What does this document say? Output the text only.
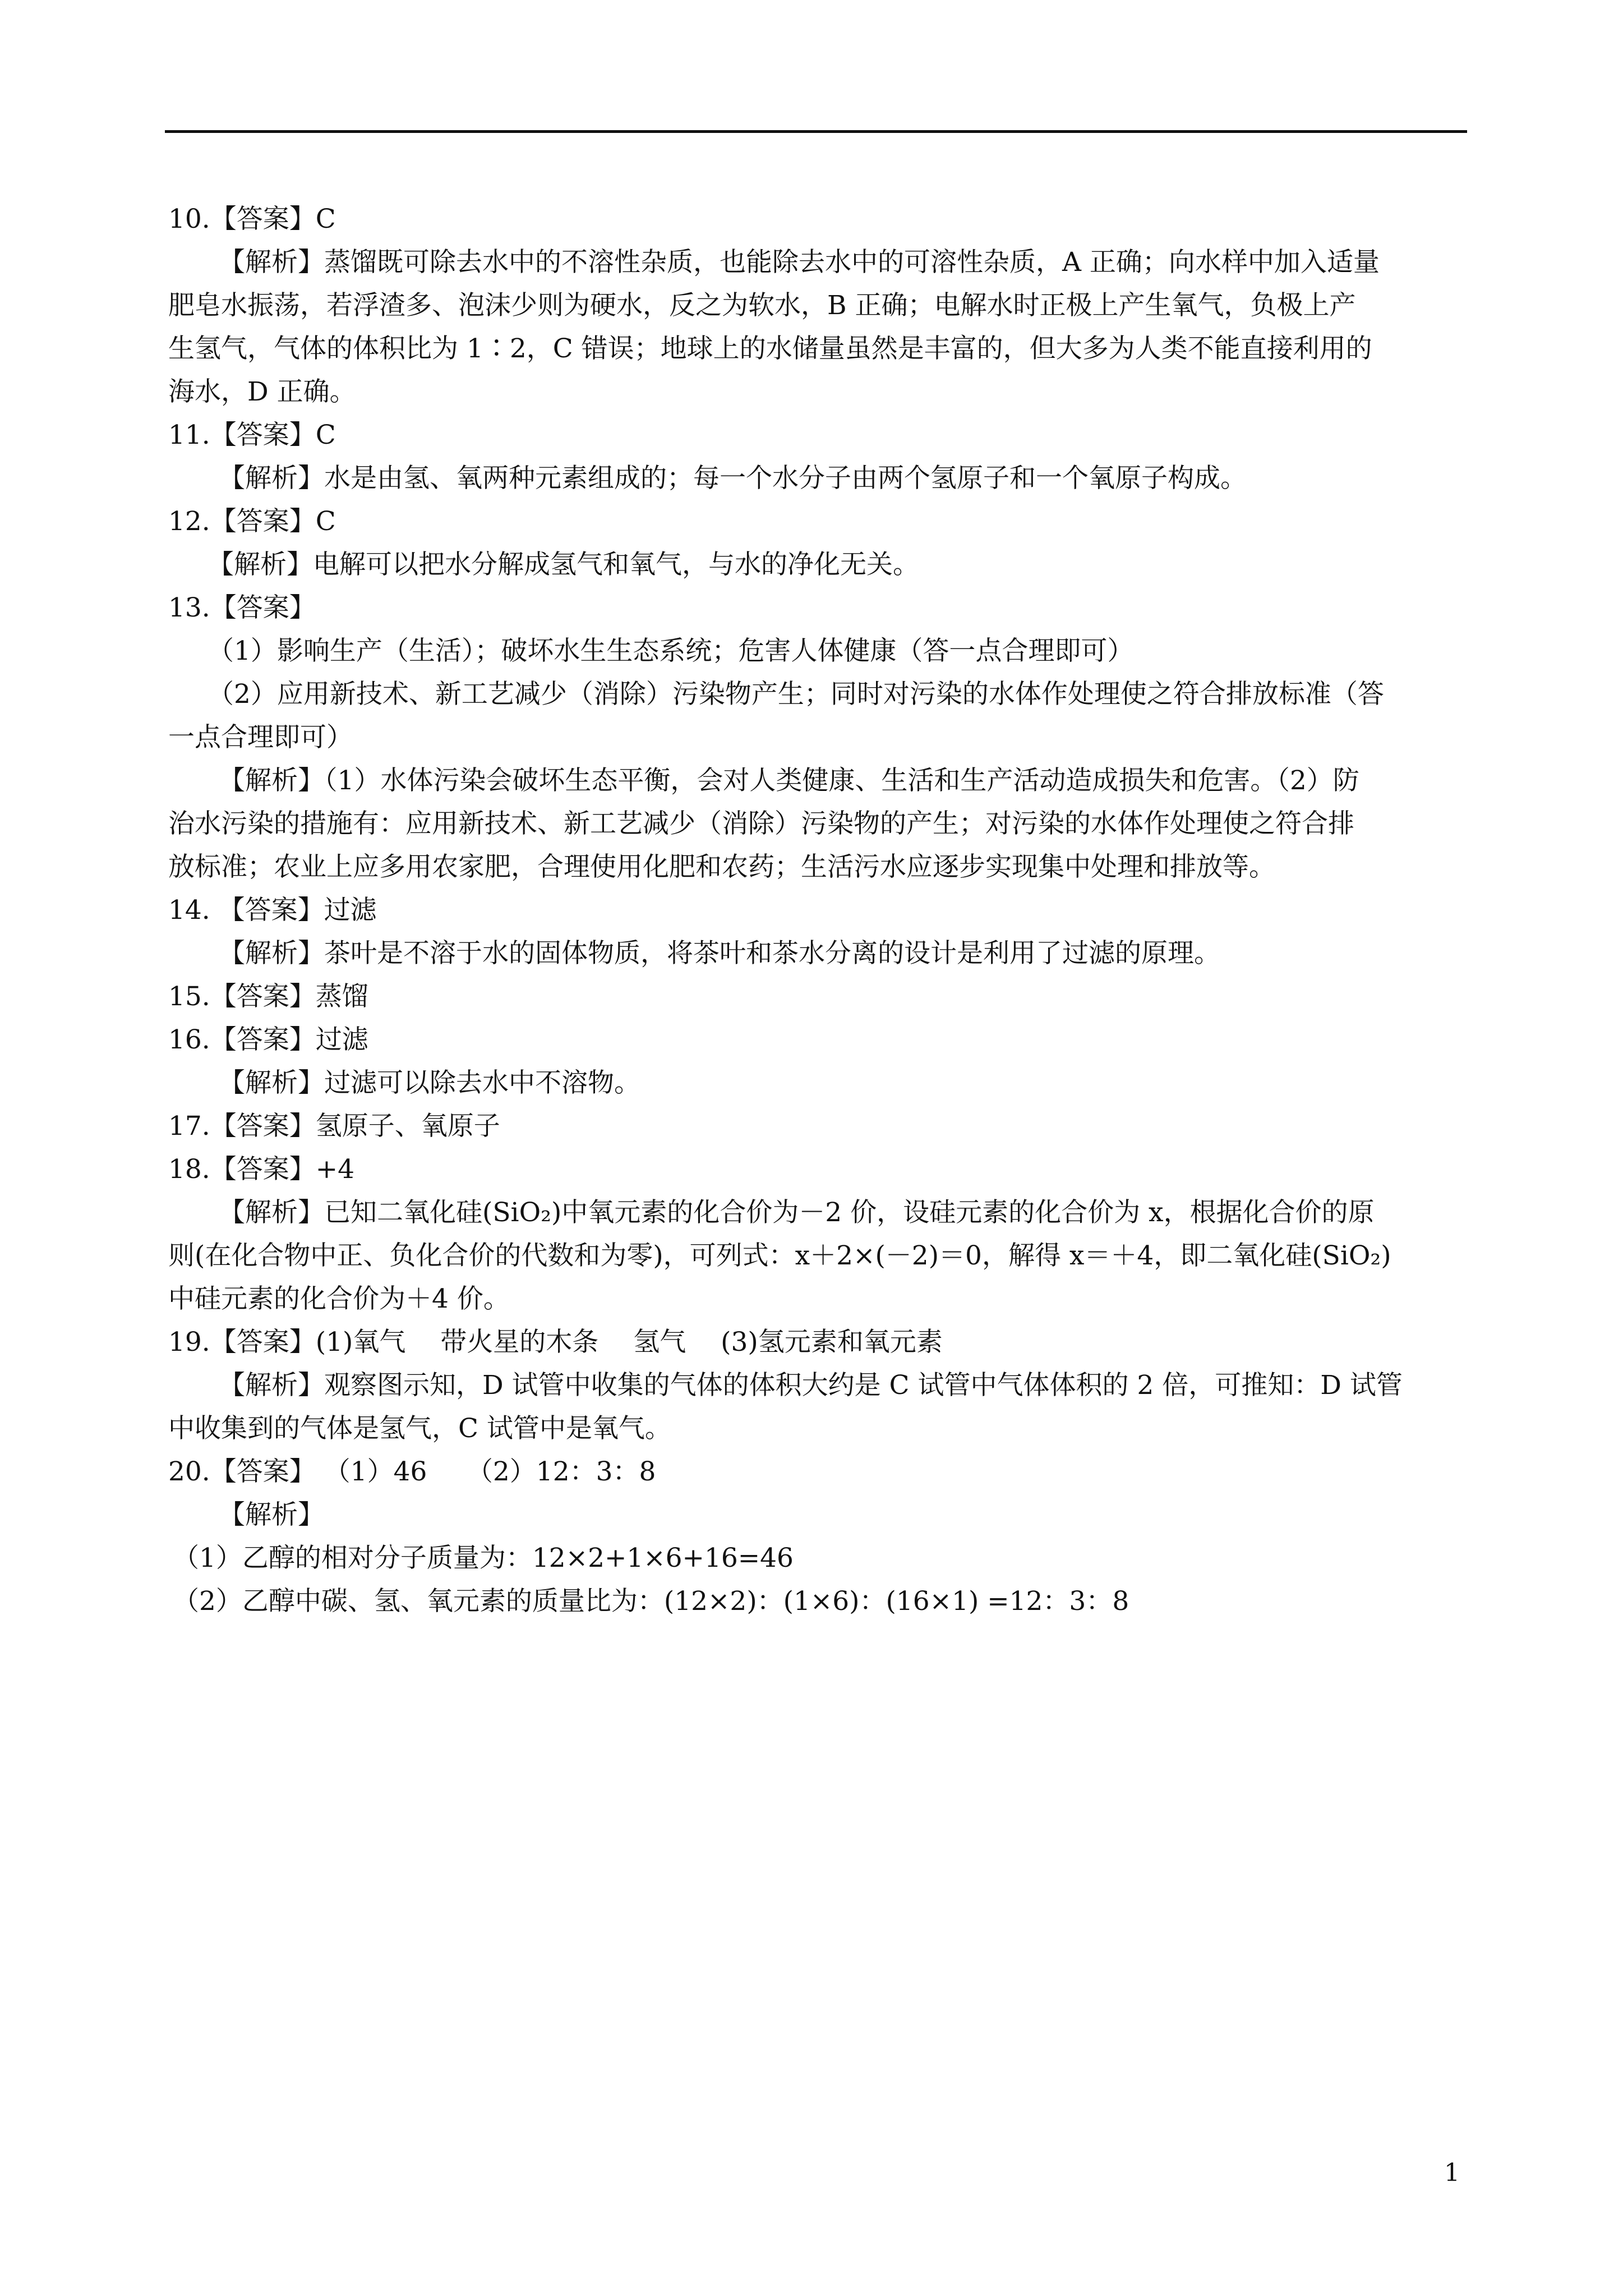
10.【答案】C
【解析】蒸馏既可除去水中的不溶性杂质，也能除去水中的可溶性杂质，A 正确；向水样中加入适量
肥皂水振荡，若浮渣多、泡沫少则为硬水，反之为软水，B 正确；电解水时正极上产生氧气，负极上产
生氢气，气体的体积比为 1∶2，C 错误；地球上的水储量虽然是丰富的，但大多为人类不能直接利用的
海水，D 正确。
11.【答案】C
【解析】水是由氢、氧两种元素组成的；每一个水分子由两个氢原子和一个氧原子构成。
12.【答案】C
【解析】电解可以把水分解成氢气和氧气，与水的净化无关。
13.【答案】
（1）影响生产（生活）；破坏水生生态系统；危害人体健康（答一点合理即可）
（2）应用新技术、新工艺减少（消除）污染物产生；同时对污染的水体作处理使之符合排放标准（答
一点合理即可）
【解析】（1）水体污染会破坏生态平衡，会对人类健康、生活和生产活动造成损失和危害。（2）防
治水污染的措施有：应用新技术、新工艺减少（消除）污染物的产生；对污染的水体作处理使之符合排
放标准；农业上应多用农家肥，合理使用化肥和农药；生活污水应逐步实现集中处理和排放等。
14. 【答案】过滤
【解析】茶叶是不溶于水的固体物质，将茶叶和茶水分离的设计是利用了过滤的原理。
15.【答案】蒸馏
16.【答案】过滤
【解析】过滤可以除去水中不溶物。
17.【答案】氢原子、氧原子
18.【答案】+4
【解析】已知二氧化硅(SiO₂)中氧元素的化合价为－2 价，设硅元素的化合价为 x，根据化合价的原
则(在化合物中正、负化合价的代数和为零)，可列式：x＋2×(－2)＝0，解得 x＝＋4，即二氧化硅(SiO₂)
中硅元素的化合价为＋4 价。
19.【答案】(1)氧气　 带火星的木条　 氢气　 (3)氢元素和氧元素
【解析】观察图示知，D 试管中收集的气体的体积大约是 C 试管中气体体积的 2 倍，可推知：D 试管
中收集到的气体是氢气，C 试管中是氧气。
20.【答案】 （1）46　　（2）12：3：8
【解析】
（1）乙醇的相对分子质量为：12×2+1×6+16=46
（2）乙醇中碳、氢、氧元素的质量比为：(12×2)：(1×6)：(16×1) =12：3：8
1
